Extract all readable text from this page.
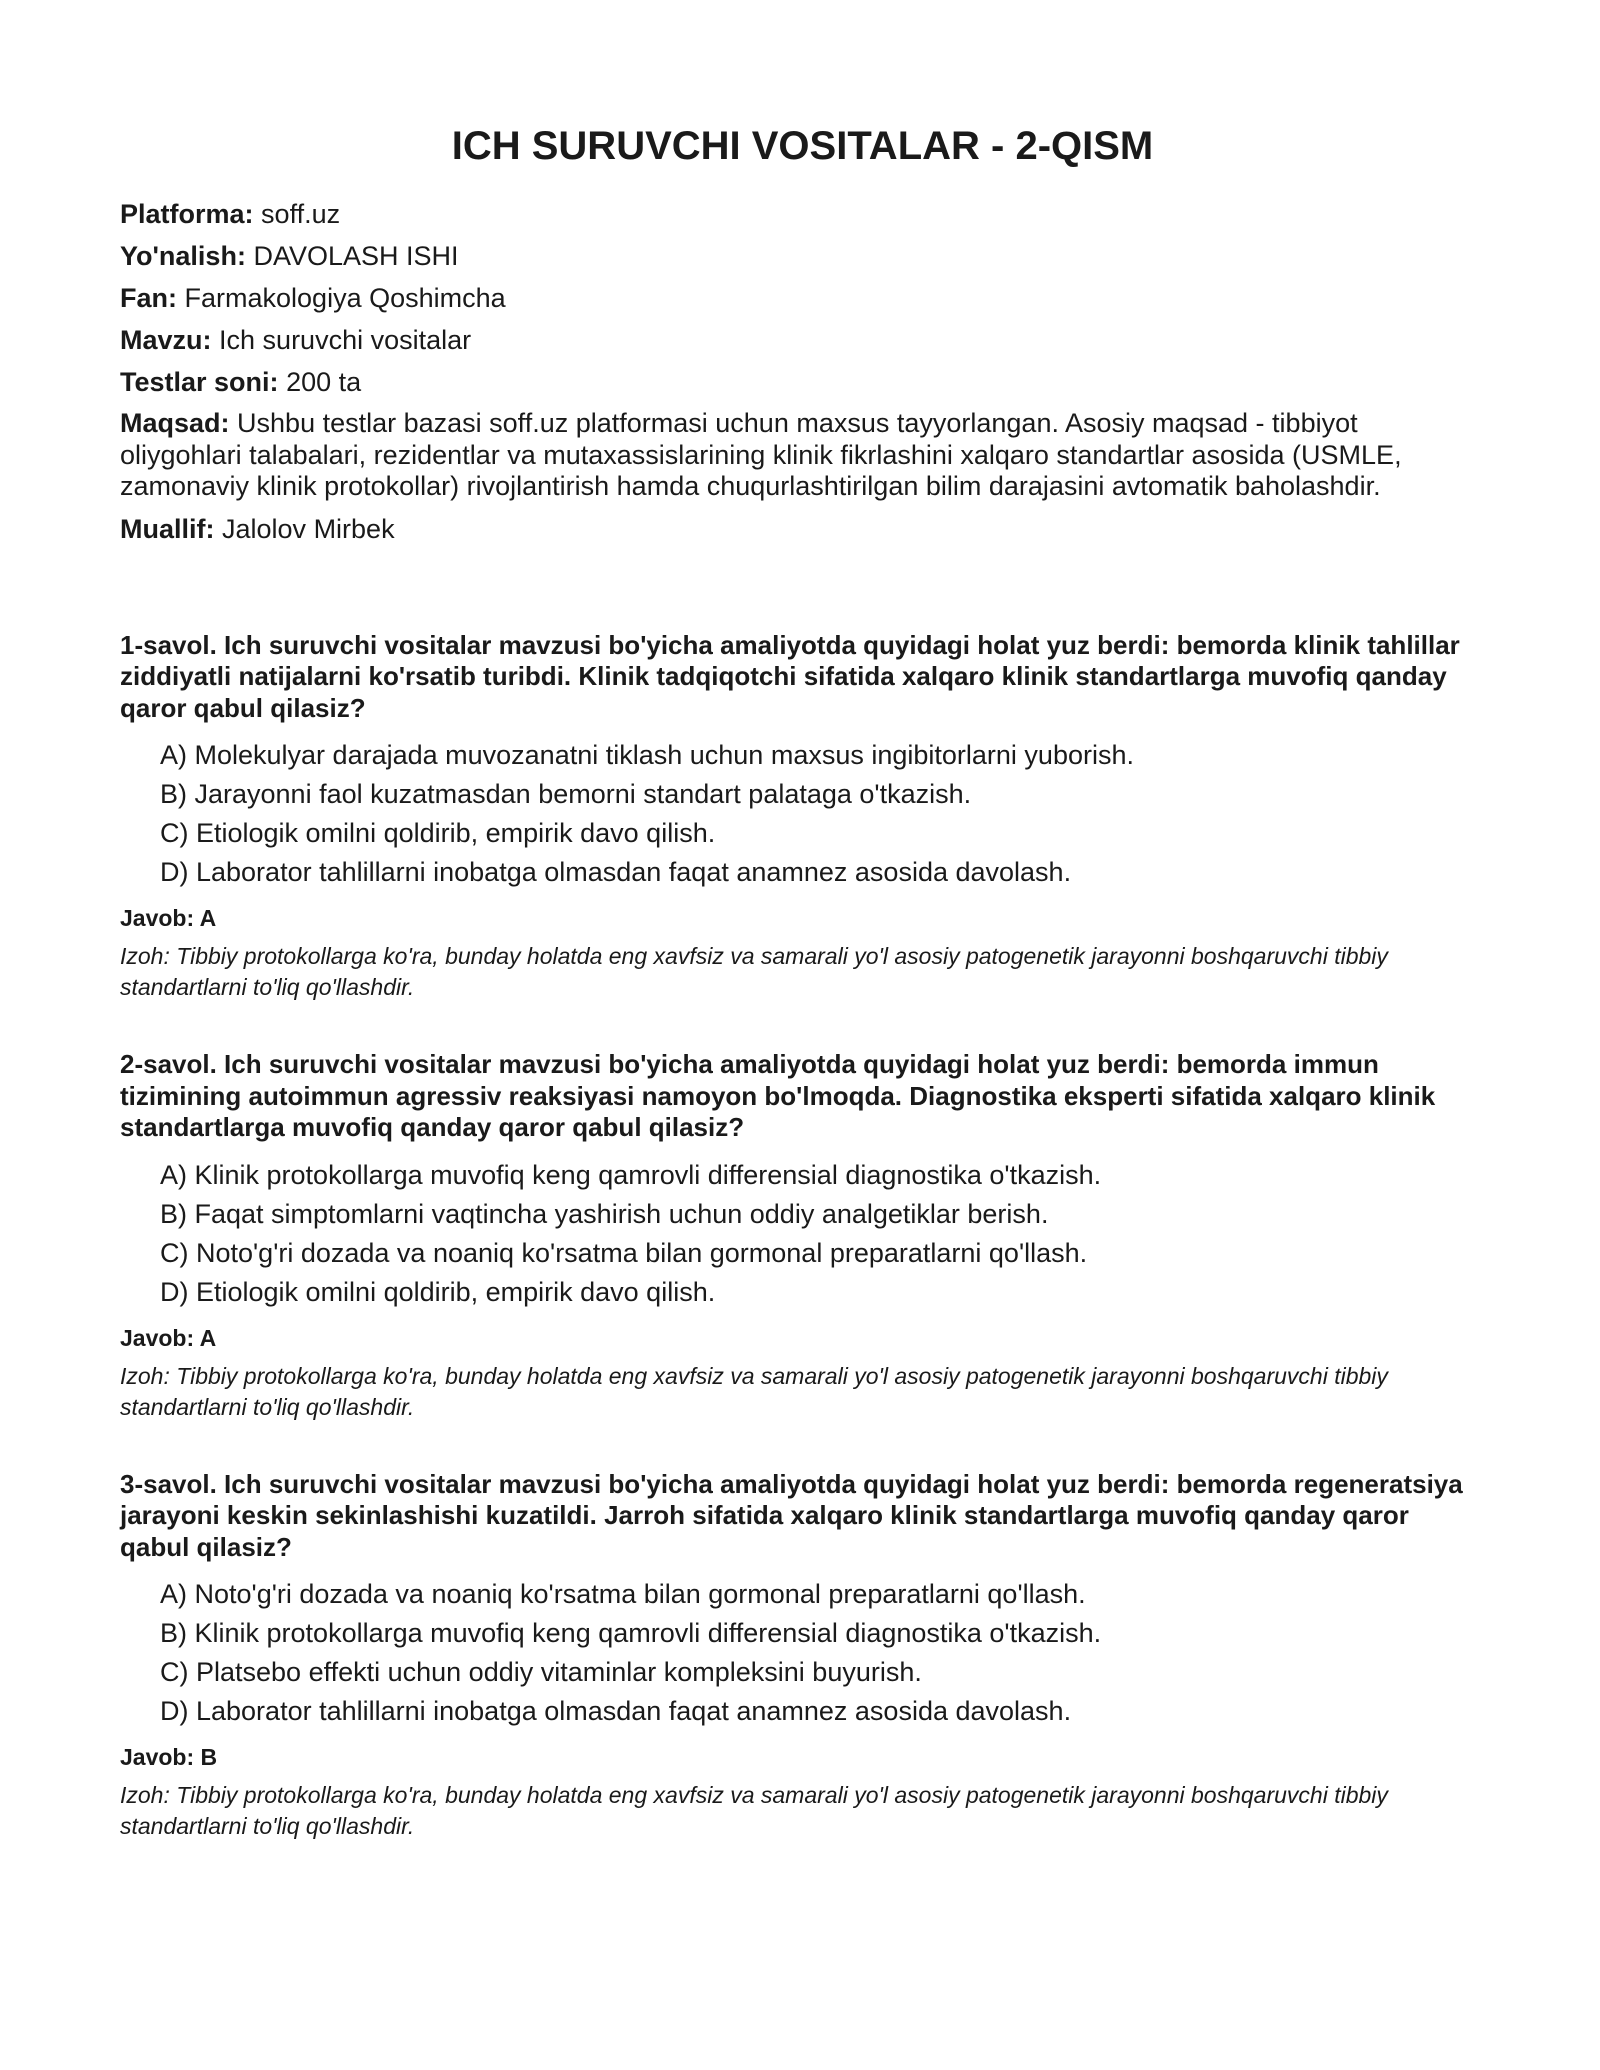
ICH SURUVCHI VOSITALAR - 2-QISM

Platforma: soff.uz

Yo'nalish: DAVOLASH ISHI

Fan: Farmakologiya Qoshimcha

Mavzu: Ich suruvchi vositalar

Testlar soni: 200 ta

Maqsad: Ushbu testlar bazasi soff.uz platformasi uchun maxsus tayyorlangan. Asosiy maqsad - tibbiyot oliygohlari talabalari, rezidentlar va mutaxassislarining klinik fikrlashini xalqaro standartlar asosida (USMLE, zamonaviy klinik protokollar) rivojlantirish hamda chuqurlashtirilgan bilim darajasini avtomatik baholashdir.

Muallif: Jalolov Mirbek

1-savol. Ich suruvchi vositalar mavzusi bo'yicha amaliyotda quyidagi holat yuz berdi: bemorda klinik tahlillar ziddiyatli natijalarni ko'rsatib turibdi. Klinik tadqiqotchi sifatida xalqaro klinik standartlarga muvofiq qanday qaror qabul qilasiz?

A) Molekulyar darajada muvozanatni tiklash uchun maxsus ingibitorlarni yuborish.
B) Jarayonni faol kuzatmasdan bemorni standart palataga o'tkazish.
C) Etiologik omilni qoldirib, empirik davo qilish.
D) Laborator tahlillarni inobatga olmasdan faqat anamnez asosida davolash.

Javob: A

Izoh: Tibbiy protokollarga ko'ra, bunday holatda eng xavfsiz va samarali yo'l asosiy patogenetik jarayonni boshqaruvchi tibbiy standartlarni to'liq qo'llashdir.

2-savol. Ich suruvchi vositalar mavzusi bo'yicha amaliyotda quyidagi holat yuz berdi: bemorda immun tizimining autoimmun agressiv reaksiyasi namoyon bo'lmoqda. Diagnostika eksperti sifatida xalqaro klinik standartlarga muvofiq qanday qaror qabul qilasiz?

A) Klinik protokollarga muvofiq keng qamrovli differensial diagnostika o'tkazish.
B) Faqat simptomlarni vaqtincha yashirish uchun oddiy analgetiklar berish.
C) Noto'g'ri dozada va noaniq ko'rsatma bilan gormonal preparatlarni qo'llash.
D) Etiologik omilni qoldirib, empirik davo qilish.

Javob: A

Izoh: Tibbiy protokollarga ko'ra, bunday holatda eng xavfsiz va samarali yo'l asosiy patogenetik jarayonni boshqaruvchi tibbiy standartlarni to'liq qo'llashdir.

3-savol. Ich suruvchi vositalar mavzusi bo'yicha amaliyotda quyidagi holat yuz berdi: bemorda regeneratsiya jarayoni keskin sekinlashishi kuzatildi. Jarroh sifatida xalqaro klinik standartlarga muvofiq qanday qaror qabul qilasiz?

A) Noto'g'ri dozada va noaniq ko'rsatma bilan gormonal preparatlarni qo'llash.
B) Klinik protokollarga muvofiq keng qamrovli differensial diagnostika o'tkazish.
C) Platsebo effekti uchun oddiy vitaminlar kompleksini buyurish.
D) Laborator tahlillarni inobatga olmasdan faqat anamnez asosida davolash.

Javob: B

Izoh: Tibbiy protokollarga ko'ra, bunday holatda eng xavfsiz va samarali yo'l asosiy patogenetik jarayonni boshqaruvchi tibbiy standartlarni to'liq qo'llashdir.
